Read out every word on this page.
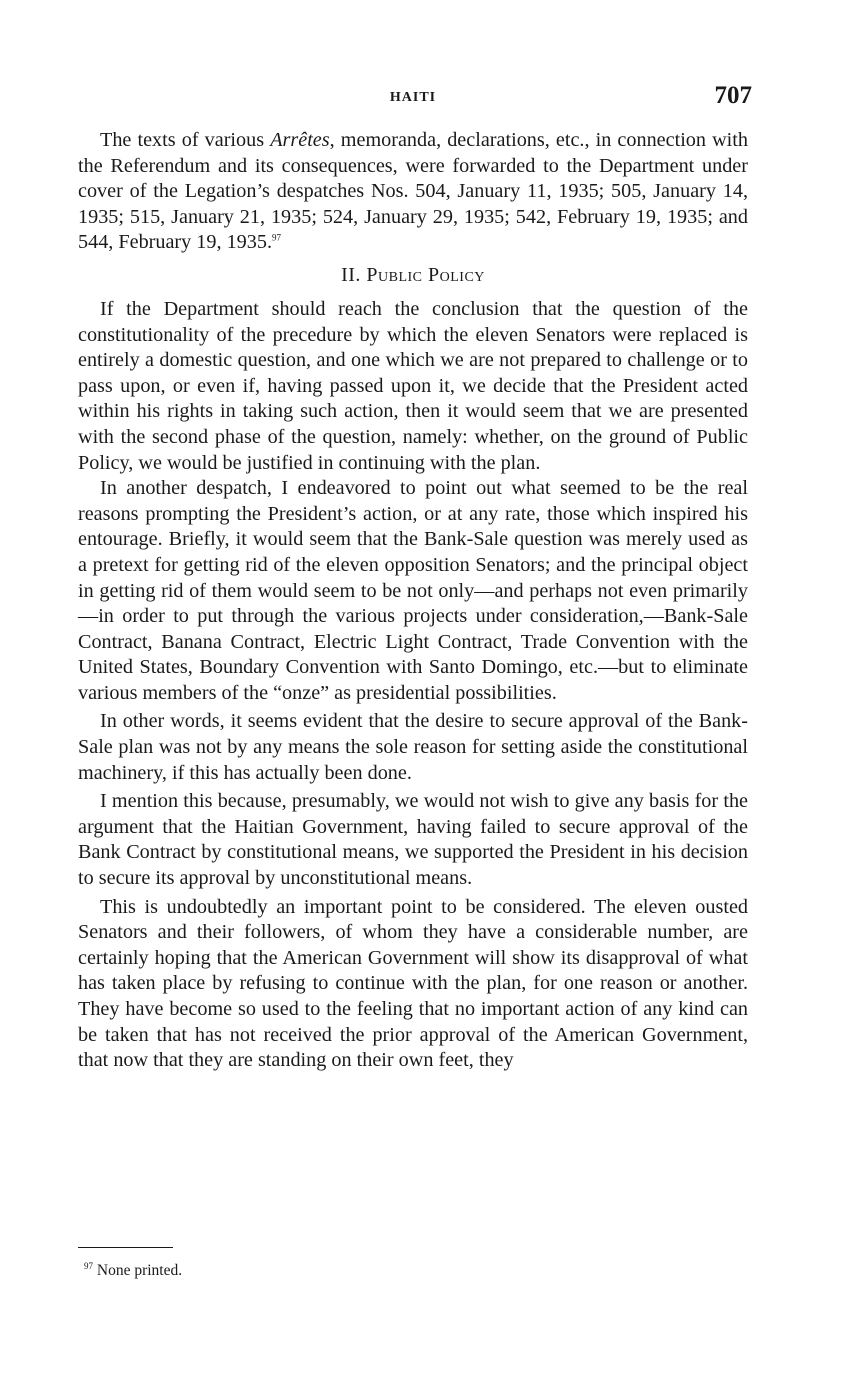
HAITI	707

The texts of various Arrêtes, memoranda, declarations, etc., in connection with the Referendum and its consequences, were forwarded to the Department under cover of the Legation’s despatches Nos. 504, January 11, 1935; 505, January 14, 1935; 515, January 21, 1935; 524, January 29, 1935; 542, February 19, 1935; and 544, February 19, 1935.97

II. Public Policy

If the Department should reach the conclusion that the question of the constitutionality of the precedure by which the eleven Senators were replaced is entirely a domestic question, and one which we are not prepared to challenge or to pass upon, or even if, having passed upon it, we decide that the President acted within his rights in taking such action, then it would seem that we are presented with the second phase of the question, namely: whether, on the ground of Public Policy, we would be justified in continuing with the plan.

In another despatch, I endeavored to point out what seemed to be the real reasons prompting the President’s action, or at any rate, those which inspired his entourage. Briefly, it would seem that the Bank-Sale question was merely used as a pretext for getting rid of the eleven opposition Senators; and the principal object in getting rid of them would seem to be not only—and perhaps not even primarily—in order to put through the various projects under consideration,—Bank-Sale Contract, Banana Contract, Electric Light Contract, Trade Convention with the United States, Boundary Convention with Santo Domingo, etc.—but to eliminate various members of the “onze” as presidential possibilities.

In other words, it seems evident that the desire to secure approval of the Bank-Sale plan was not by any means the sole reason for setting aside the constitutional machinery, if this has actually been done.

I mention this because, presumably, we would not wish to give any basis for the argument that the Haitian Government, having failed to secure approval of the Bank Contract by constitutional means, we supported the President in his decision to secure its approval by unconstitutional means.

This is undoubtedly an important point to be considered. The eleven ousted Senators and their followers, of whom they have a considerable number, are certainly hoping that the American Government will show its disapproval of what has taken place by refusing to continue with the plan, for one reason or another. They have become so used to the feeling that no important action of any kind can be taken that has not received the prior approval of the American Government, that now that they are standing on their own feet, they

$^{97}$ None printed.
